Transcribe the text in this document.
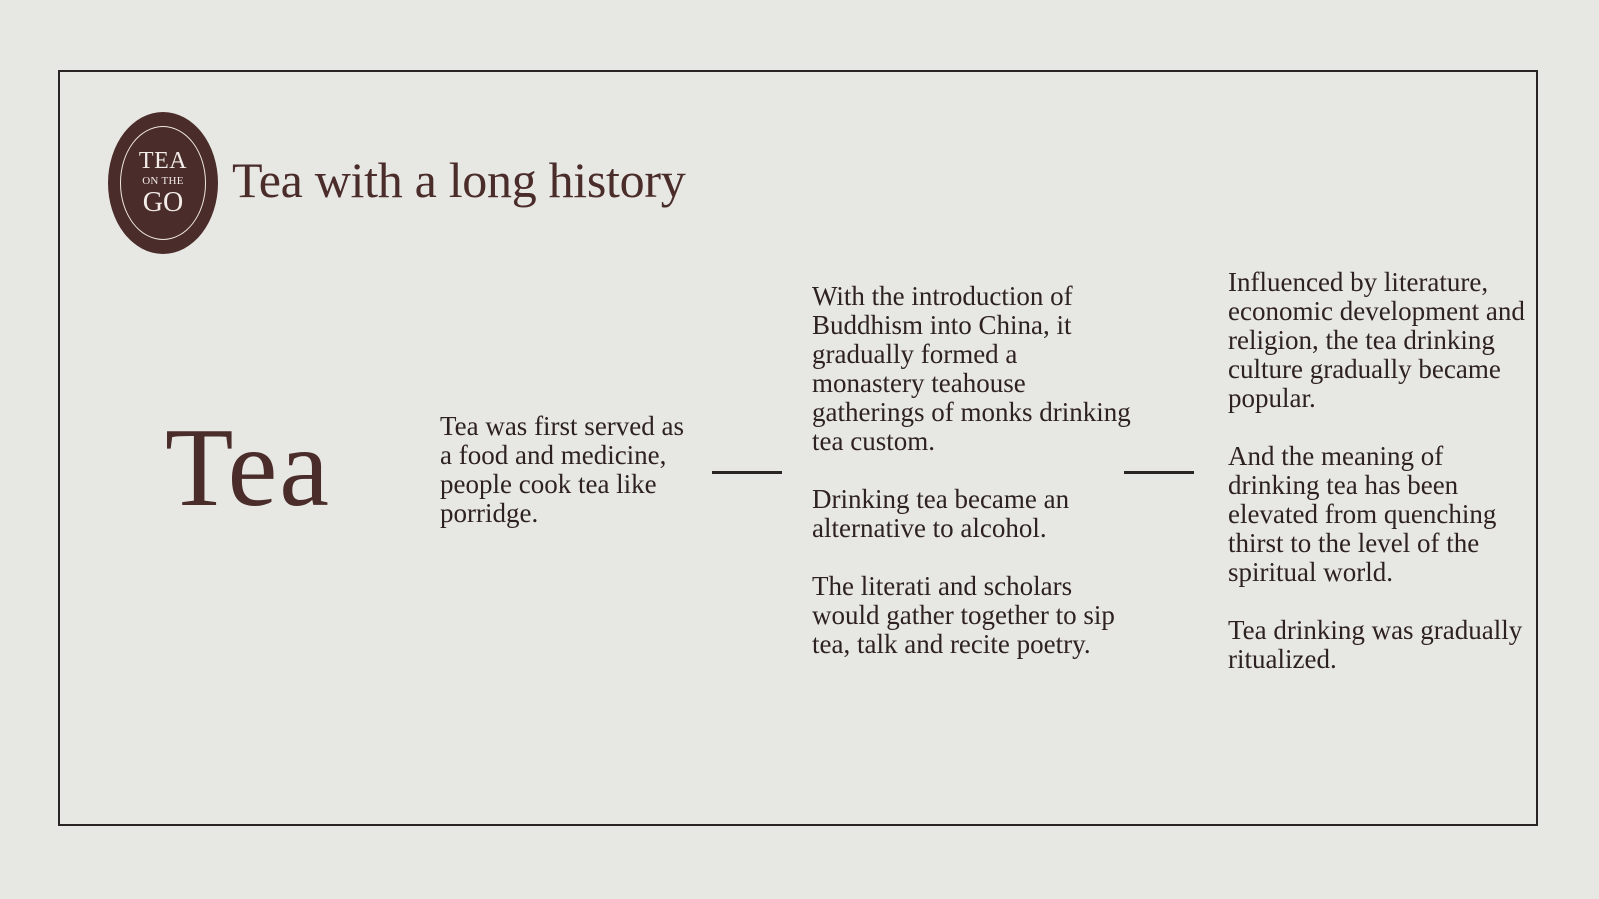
TEA
ON THE
GO Tea with a long history
Tea	Tea was first served as a food and medicine, people cook tea like porridge.

With the introduction of Buddhism into China, it gradually formed a monastery teahouse gatherings of monks drinking tea custom.

Drinking tea became an alternative to alcohol.

The literati and scholars would gather together to sip tea, talk and recite poetry.

Influenced by literature, economic development and religion, the tea drinking culture gradually became popular.

And the meaning of drinking tea has been elevated from quenching thirst to the level of the spiritual world.

Tea drinking was gradually ritualized.
